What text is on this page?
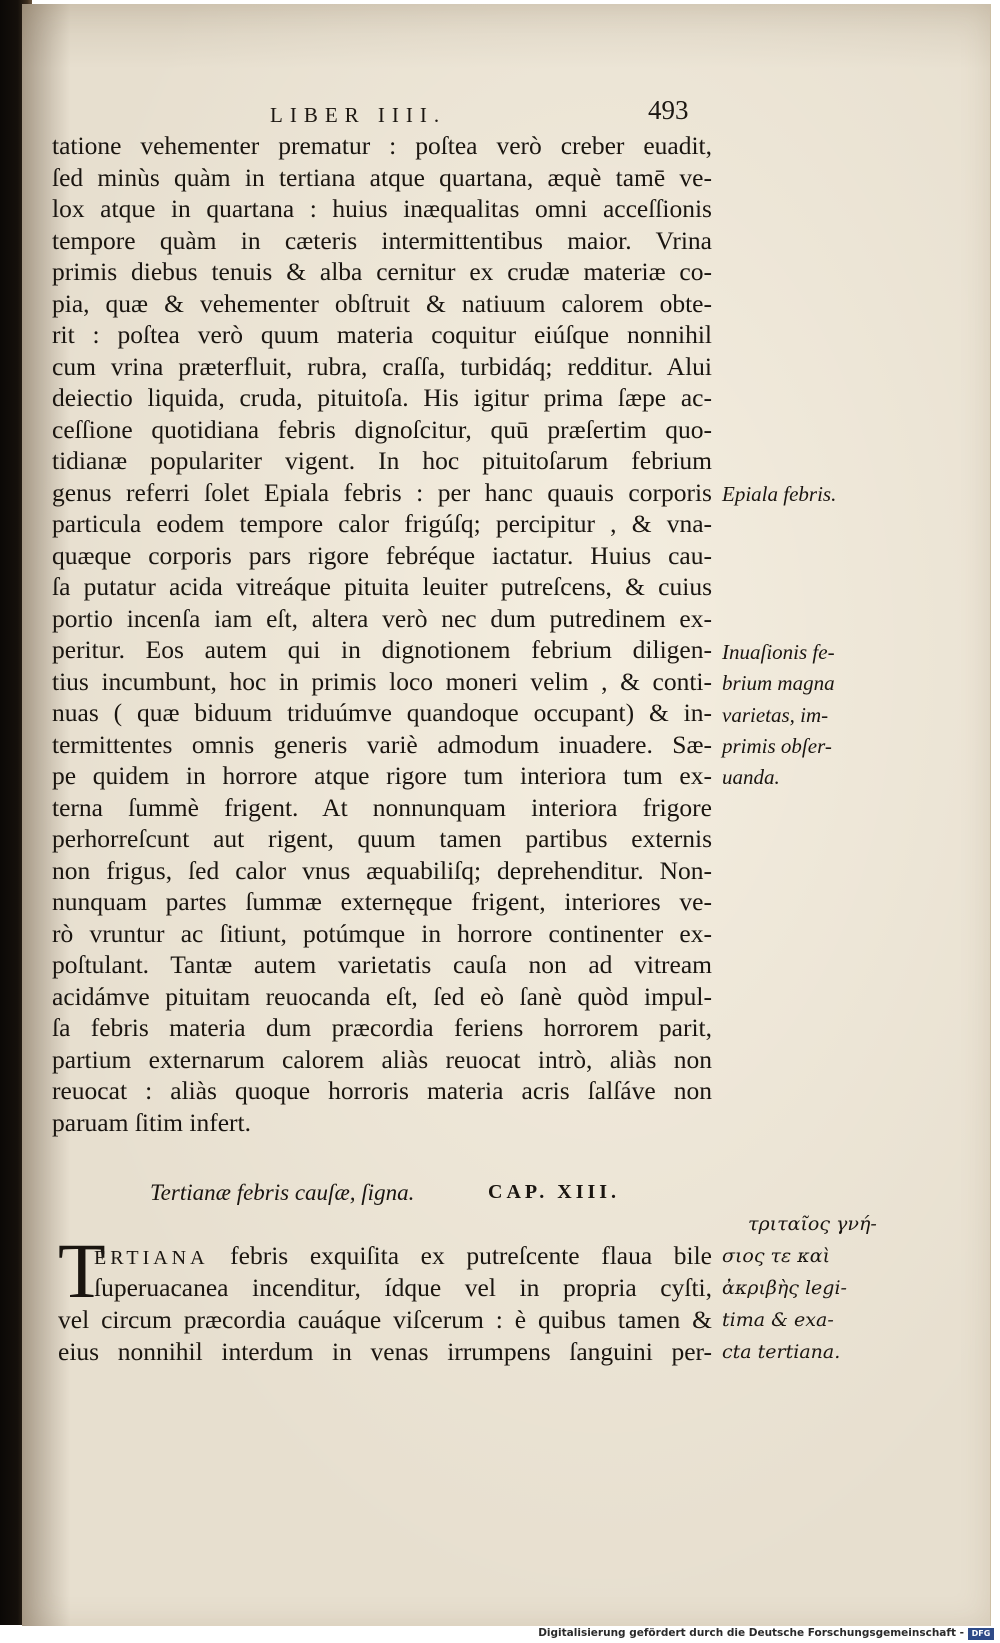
LIBER IIII.	493
tatione vehementer prematur : poſtea verò creber euadit,
ſed minùs quàm in tertiana atque quartana, æquè tamē ve-
lox atque in quartana : huius inæqualitas omni acceſſionis
tempore quàm in cæteris intermittentibus maior. Vrina
primis diebus tenuis & alba cernitur ex crudæ materiæ co-
pia, quæ & vehementer obſtruit & natiuum calorem obte-
rit : poſtea verò quum materia coquitur eiúſque nonnihil
cum vrina præterfluit, rubra, craſſa, turbidáq; redditur. Alui
deiectio liquida, cruda, pituitoſa. His igitur prima ſæpe ac-
ceſſione quotidiana febris dignoſcitur, quū præſertim quo-
tidianæ populariter vigent. In hoc pituitoſarum febrium
genus referri ſolet Epiala febris : per hanc quauis corporis
particula eodem tempore calor frigúſq; percipitur , & vna-
quæque corporis pars rigore febréque iactatur. Huius cau-
ſa putatur acida vitreáque pituita leuiter putreſcens, & cuius
portio incenſa iam eſt, altera verò nec dum putredinem ex-
peritur. Eos autem qui in dignotionem febrium diligen-
tius incumbunt, hoc in primis loco moneri velim , & conti-
nuas ( quæ biduum triduúmve quandoque occupant) & in-
termittentes omnis generis variè admodum inuadere. Sæ-
pe quidem in horrore atque rigore tum interiora tum ex-
terna ſummè frigent. At nonnunquam interiora frigore
perhorreſcunt aut rigent, quum tamen partibus externis
non frigus, ſed calor vnus æquabiliſq; deprehenditur. Non-
nunquam partes ſummæ externęque frigent, interiores ve-
rò vruntur ac ſitiunt, potúmque in horrore continenter ex-
poſtulant. Tantæ autem varietatis cauſa non ad vitream
acidámve pituitam reuocanda eſt, ſed eò ſanè quòd impul-
ſa febris materia dum præcordia feriens horrorem parit,
partium externarum calorem aliàs reuocat intrò, aliàs non
reuocat : aliàs quoque horroris materia acris ſalſáve non
paruam ſitim infert.
Epiala febris.
Inuaſionis fe-
brium magna
varietas, im-
primis obſer-
uanda.
Tertianæ febris cauſæ, ſigna.	CAP. XIII.
T
ERTIANA febris exquiſita ex putreſcente flaua bile
ſuperuacanea incenditur, ídque vel in propria cyſti,
vel circum præcordia cauáque viſcerum : è quibus tamen &
eius nonnihil interdum in venas irrumpens ſanguini per-
τριταῖος γνή-
σιος τε καὶ
ἀκριβὴς legi-
tima & exa-
cta tertiana.
Digitalisierung gefördert durch die Deutsche Forschungsgemeinschaft - DFG
